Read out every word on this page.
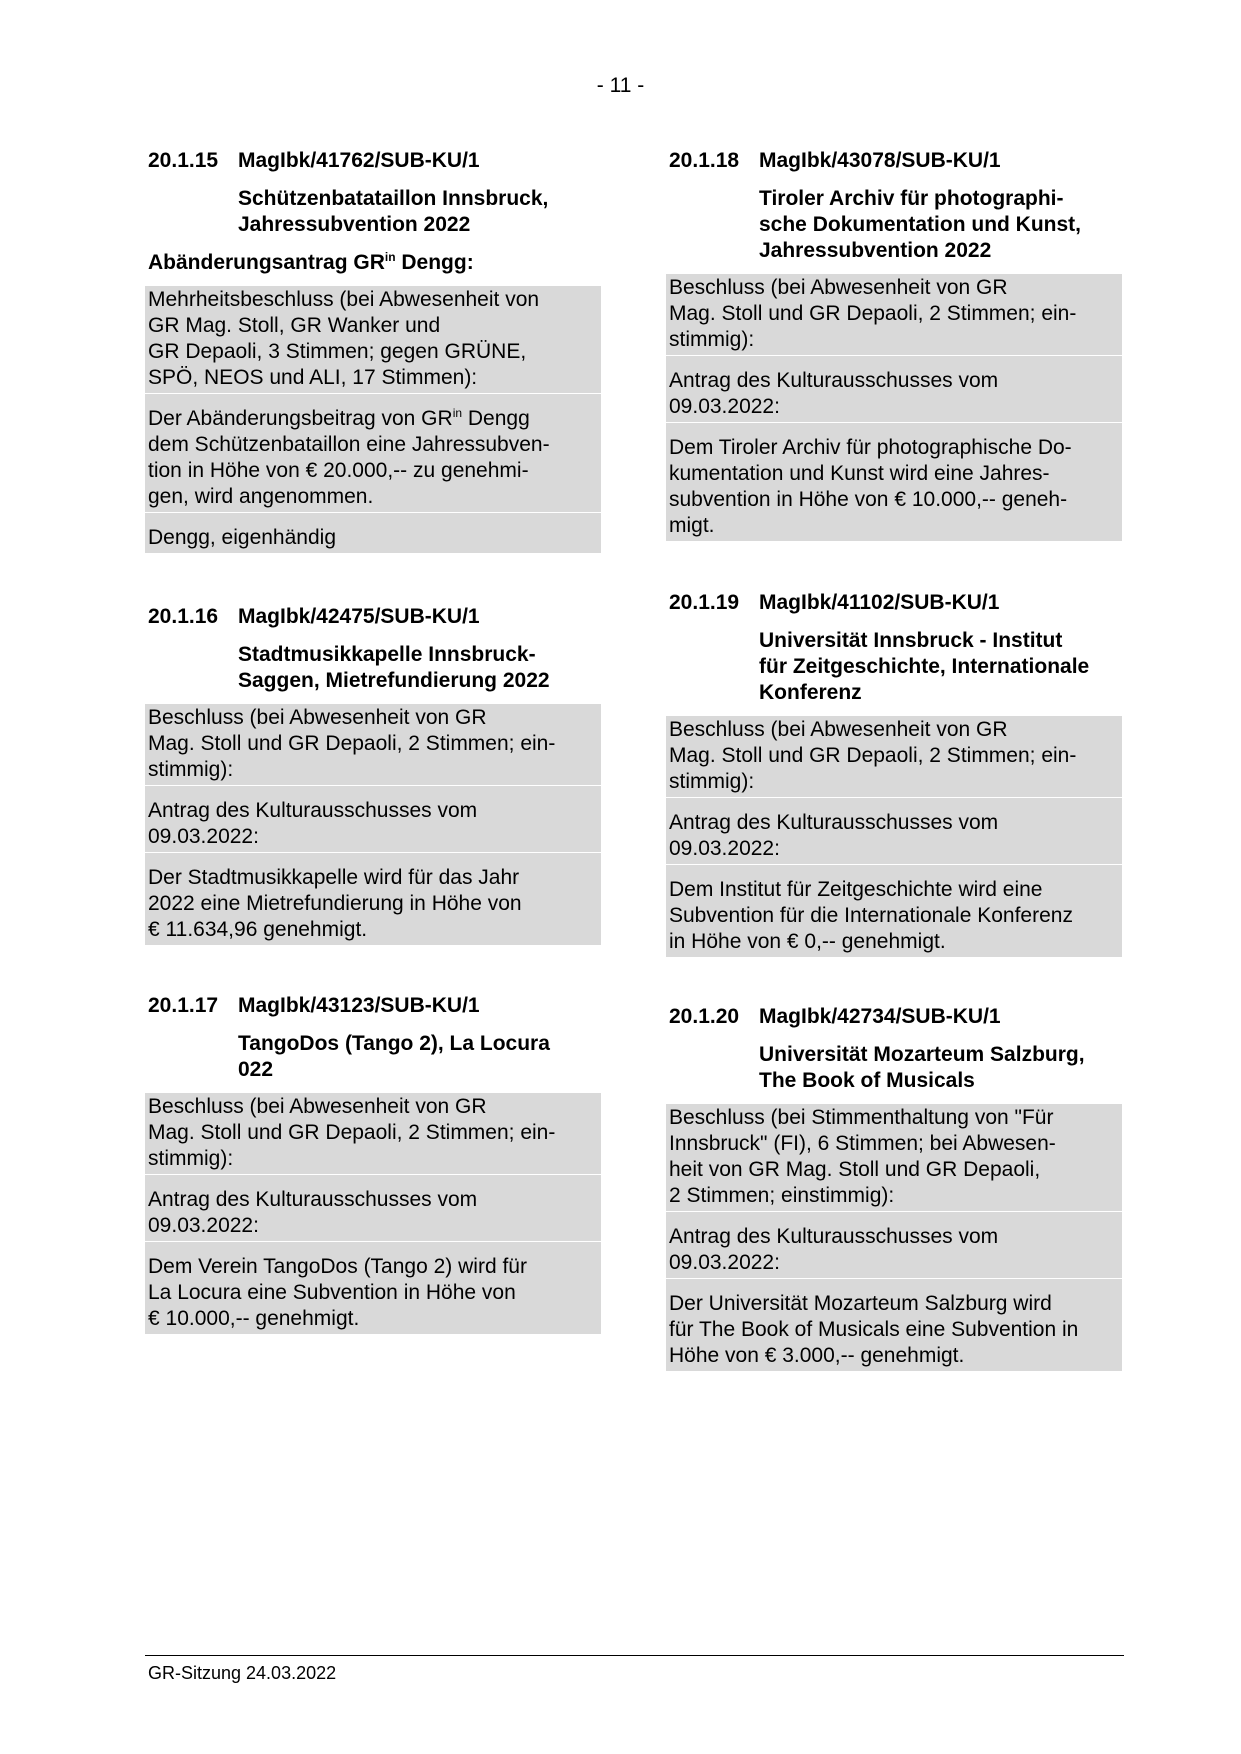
- 11 -
20.1.15 MagIbk/41762/SUB-KU/1
Schützenbatataillon Innsbruck,
Jahressubvention 2022
Abänderungsantrag $GR^{in}$ Dengg:

Mehrheitsbeschluss (bei Abwesenheit von
GR Mag. Stoll, GR Wanker und
GR Depaoli, 3 Stimmen; gegen GRÜNE,
SPÖ, NEOS und ALI, 17 Stimmen):

Der Abänderungsbeitrag von $GR^{in}$ Dengg
dem Schützenbataillon eine Jahressubven-
tion in Höhe von € 20.000,-- zu genehmi-
gen, wird angenommen.

Dengg, eigenhändig

20.1.16 MagIbk/42475/SUB-KU/1
Stadtmusikkapelle Innsbruck-
Saggen, Mietrefundierung 2022

Beschluss (bei Abwesenheit von GR
Mag. Stoll und GR Depaoli, 2 Stimmen; ein-
stimmig):

Antrag des Kulturausschusses vom
09.03.2022:

Der Stadtmusikkapelle wird für das Jahr
2022 eine Mietrefundierung in Höhe von
€ 11.634,96 genehmigt.

20.1.17 MagIbk/43123/SUB-KU/1
TangoDos (Tango 2), La Locura
022

Beschluss (bei Abwesenheit von GR
Mag. Stoll und GR Depaoli, 2 Stimmen; ein-
stimmig):

Antrag des Kulturausschusses vom
09.03.2022:

Dem Verein TangoDos (Tango 2) wird für
La Locura eine Subvention in Höhe von
€ 10.000,-- genehmigt.

20.1.18 MagIbk/43078/SUB-KU/1
Tiroler Archiv für photographi-
sche Dokumentation und Kunst,
Jahressubvention 2022

Beschluss (bei Abwesenheit von GR
Mag. Stoll und GR Depaoli, 2 Stimmen; ein-
stimmig):

Antrag des Kulturausschusses vom
09.03.2022:

Dem Tiroler Archiv für photographische Do-
kumentation und Kunst wird eine Jahres-
subvention in Höhe von € 10.000,-- geneh-
migt.

20.1.19 MagIbk/41102/SUB-KU/1
Universität Innsbruck - Institut
für Zeitgeschichte, Internationale
Konferenz

Beschluss (bei Abwesenheit von GR
Mag. Stoll und GR Depaoli, 2 Stimmen; ein-
stimmig):

Antrag des Kulturausschusses vom
09.03.2022:

Dem Institut für Zeitgeschichte wird eine
Subvention für die Internationale Konferenz
in Höhe von € 0,-- genehmigt.

20.1.20 MagIbk/42734/SUB-KU/1
Universität Mozarteum Salzburg,
The Book of Musicals

Beschluss (bei Stimmenthaltung von "Für
Innsbruck" (FI), 6 Stimmen; bei Abwesen-
heit von GR Mag. Stoll und GR Depaoli,
2 Stimmen; einstimmig):

Antrag des Kulturausschusses vom
09.03.2022:

Der Universität Mozarteum Salzburg wird
für The Book of Musicals eine Subvention in
Höhe von € 3.000,-- genehmigt.

GR-Sitzung 24.03.2022
